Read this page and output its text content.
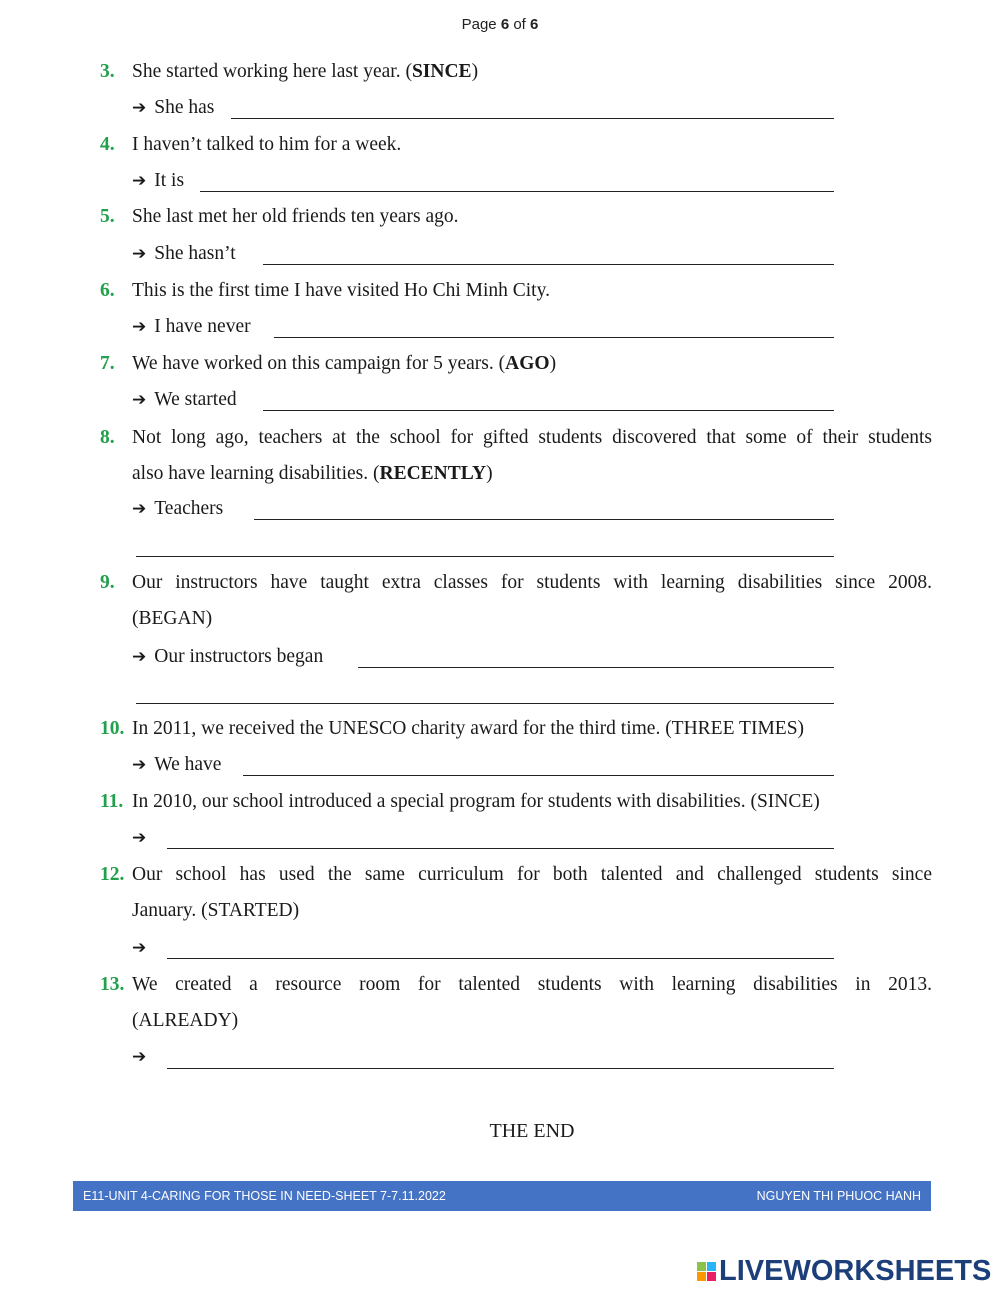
Page 6 of 6
3. She started working here last year. (SINCE)
➔ She has
4. I haven’t talked to him for a week.
➔ It is
5. She last met her old friends ten years ago.
➔ She hasn’t
6. This is the first time I have visited Ho Chi Minh City.
➔ I have never
7. We have worked on this campaign for 5 years. (AGO)
➔ We started
8. Not long ago, teachers at the school for gifted students discovered that some of their students
also have learning disabilities. (RECENTLY)
➔ Teachers
9. Our instructors have taught extra classes for students with learning disabilities since 2008.
(BEGAN)
➔ Our instructors began
10. In 2011, we received the UNESCO charity award for the third time. (THREE TIMES)
➔ We have
11. In 2010, our school introduced a special program for students with disabilities. (SINCE)
➔
12. Our school has used the same curriculum for both talented and challenged students since
January. (STARTED)
➔
13. We created a resource room for talented students with learning disabilities in 2013.
(ALREADY)
➔
THE END
E11-UNIT 4-CARING FOR THOSE IN NEED-SHEET 7-7.11.2022	NGUYEN THI PHUOC HANH
LIVEWORKSHEETS
